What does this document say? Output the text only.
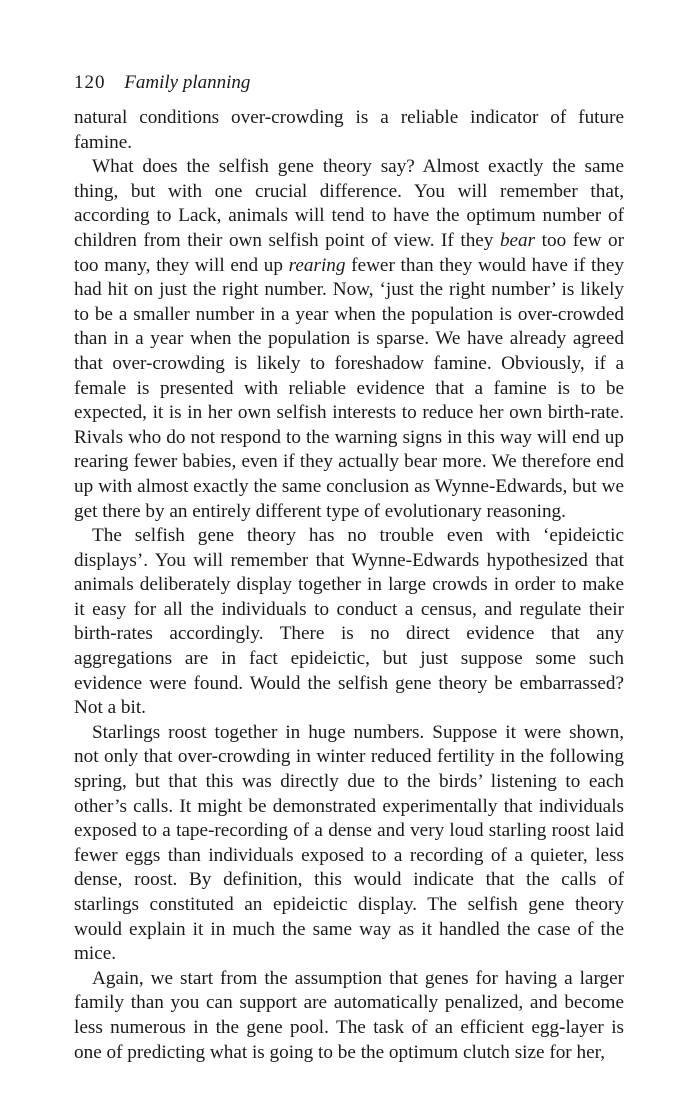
120 Family planning

natural conditions over-crowding is a reliable indicator of future famine.

What does the selfish gene theory say? Almost exactly the same thing, but with one crucial difference. You will remember that, according to Lack, animals will tend to have the optimum number of children from their own selfish point of view. If they bear too few or too many, they will end up rearing fewer than they would have if they had hit on just the right number. Now, ‘just the right number’ is likely to be a smaller number in a year when the population is over-crowded than in a year when the population is sparse. We have already agreed that over-crowding is likely to foreshadow famine. Obviously, if a female is presented with reliable evidence that a famine is to be expected, it is in her own selfish interests to reduce her own birth-rate. Rivals who do not respond to the warning signs in this way will end up rearing fewer babies, even if they actually bear more. We therefore end up with almost exactly the same conclusion as Wynne-Edwards, but we get there by an entirely different type of evolutionary reasoning.

The selfish gene theory has no trouble even with ‘epideictic displays’. You will remember that Wynne-Edwards hypothesized that animals deliberately display together in large crowds in order to make it easy for all the individuals to conduct a census, and regulate their birth-rates accordingly. There is no direct evidence that any aggregations are in fact epideictic, but just suppose some such evidence were found. Would the selfish gene theory be embarrassed? Not a bit.

Starlings roost together in huge numbers. Suppose it were shown, not only that over-crowding in winter reduced fertility in the following spring, but that this was directly due to the birds’ listening to each other’s calls. It might be demonstrated experimentally that individuals exposed to a tape-recording of a dense and very loud starling roost laid fewer eggs than individuals exposed to a recording of a quieter, less dense, roost. By definition, this would indicate that the calls of starlings constituted an epideictic display. The selfish gene theory would explain it in much the same way as it handled the case of the mice.

Again, we start from the assumption that genes for having a larger family than you can support are automatically penalized, and become less numerous in the gene pool. The task of an efficient egg-layer is one of predicting what is going to be the optimum clutch size for her,
